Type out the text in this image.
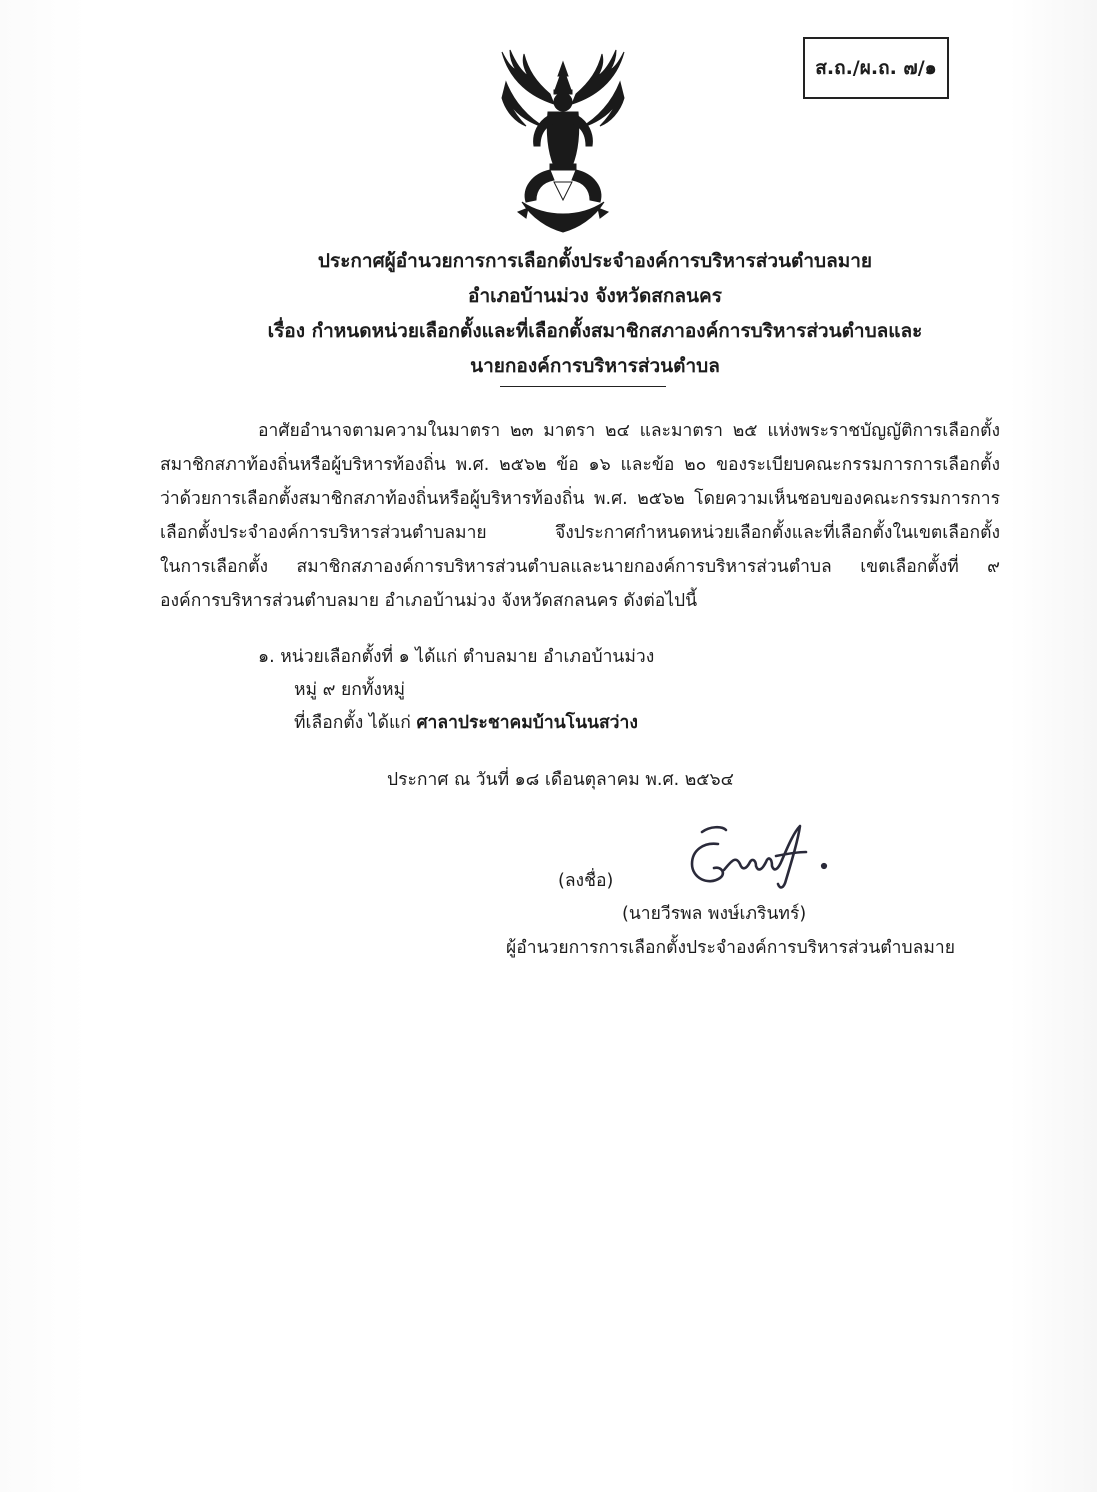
ส.ถ./ผ.ถ. ๗/๑
ประกาศผู้อำนวยการการเลือกตั้งประจำองค์การบริหารส่วนตำบลมาย
อำเภอบ้านม่วง จังหวัดสกลนคร
เรื่อง กำหนดหน่วยเลือกตั้งและที่เลือกตั้งสมาชิกสภาองค์การบริหารส่วนตำบลและ
นายกองค์การบริหารส่วนตำบล
อาศัยอำนาจตามความในมาตรา ๒๓ มาตรา ๒๔ และมาตรา ๒๕ แห่งพระราชบัญญัติการเลือกตั้ง
สมาชิกสภาท้องถิ่นหรือผู้บริหารท้องถิ่น พ.ศ. ๒๕๖๒ ข้อ ๑๖ และข้อ ๒๐ ของระเบียบคณะกรรมการการเลือกตั้ง
ว่าด้วยการเลือกตั้งสมาชิกสภาท้องถิ่นหรือผู้บริหารท้องถิ่น พ.ศ. ๒๕๖๒ โดยความเห็นชอบของคณะกรรมการการ
เลือกตั้งประจำองค์การบริหารส่วนตำบลมาย จึงประกาศกำหนดหน่วยเลือกตั้งและที่เลือกตั้งในเขตเลือกตั้ง
ในการเลือกตั้ง สมาชิกสภาองค์การบริหารส่วนตำบลและนายกองค์การบริหารส่วนตำบล เขตเลือกตั้งที่ ๙
องค์การบริหารส่วนตำบลมาย อำเภอบ้านม่วง จังหวัดสกลนคร ดังต่อไปนี้
๑. หน่วยเลือกตั้งที่ ๑ ได้แก่ ตำบลมาย อำเภอบ้านม่วง
หมู่ ๙ ยกทั้งหมู่
ที่เลือกตั้ง ได้แก่ ศาลาประชาคมบ้านโนนสว่าง
ประกาศ ณ วันที่ ๑๘ เดือนตุลาคม พ.ศ. ๒๕๖๔
(ลงชื่อ)
(นายวีรพล พงษ์เภรินทร์)
ผู้อำนวยการการเลือกตั้งประจำองค์การบริหารส่วนตำบลมาย
